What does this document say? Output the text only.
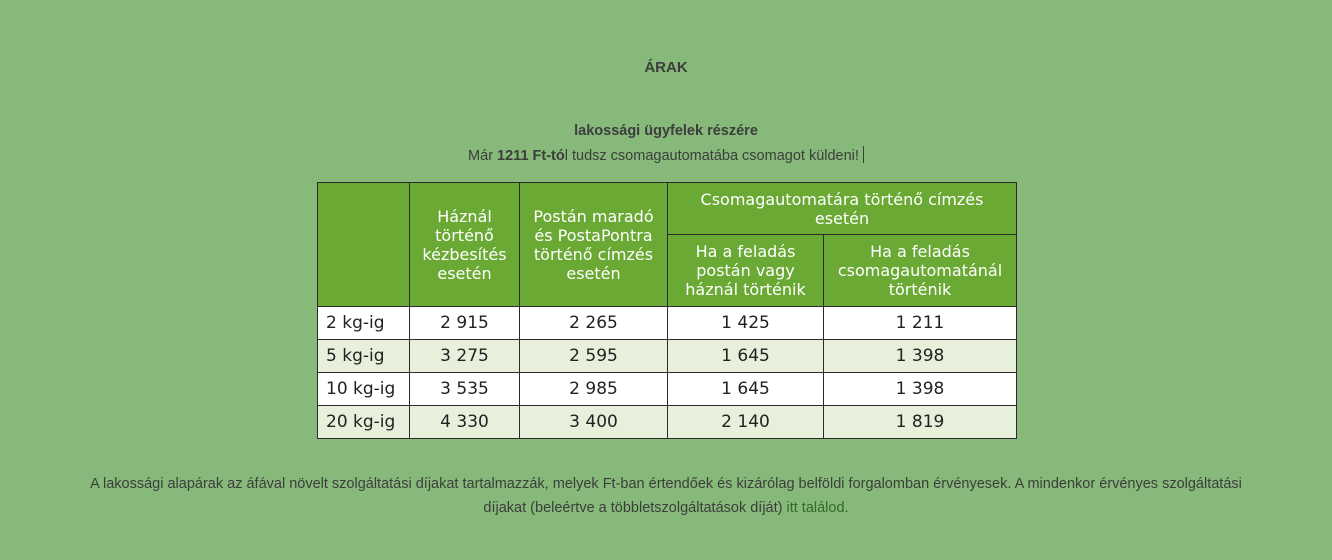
ÁRAK
lakossági ügyfelek részére
Már 1211 Ft-tól tudsz csomagautomatába csomagot küldeni!
	Háznál történő kézbesítés esetén	Postán maradó és PostaPontra történő címzés esetén	Csomagautomatára történő címzés esetén	
			Ha a feladás postán vagy háznál történik	Ha a feladás csomagautomatánál történik
2 kg-ig	2 915	2 265	1 425	1 211
5 kg-ig	3 275	2 595	1 645	1 398
10 kg-ig	3 535	2 985	1 645	1 398
20 kg-ig	4 330	3 400	2 140	1 819
A lakossági alapárak az áfával növelt szolgáltatási díjakat tartalmazzák, melyek Ft-ban értendőek és kizárólag belföldi forgalomban érvényesek. A mindenkor érvényes szolgáltatási díjakat (beleértve a többletszolgáltatások díját) itt találod.
